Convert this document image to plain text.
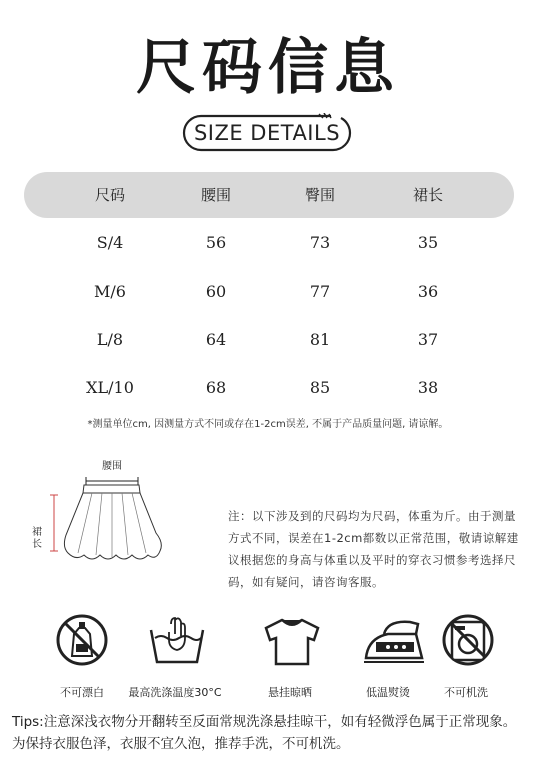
尺码信息
SIZE DETAILS
尺码	腰围	臀围	裙长
S/4	56	73	35
M/6	60	77	36
L/8	64	81	37
XL/10	68	85	38
*测量单位cm, 因测量方式不同或存在1-2cm误差, 不属于产品质量问题, 请谅解。
腰围
裙长
注：以下涉及到的尺码均为尺码，体重为斤。由于测量方式不同，误差在1-2cm都数以正常范围，敬请谅解建议根据您的身高与体重以及平时的穿衣习惯参考选择尺码，如有疑问，请咨询客服。
不可漂白	最高洗涤温度30°C	悬挂晾晒	低温熨烫	不可机洗
Tips:注意深浅衣物分开翻转至反面常规洗涤悬挂晾干，如有轻微浮色属于正常现象。为保持衣服色泽，衣服不宜久泡，推荐手洗，不可机洗。
